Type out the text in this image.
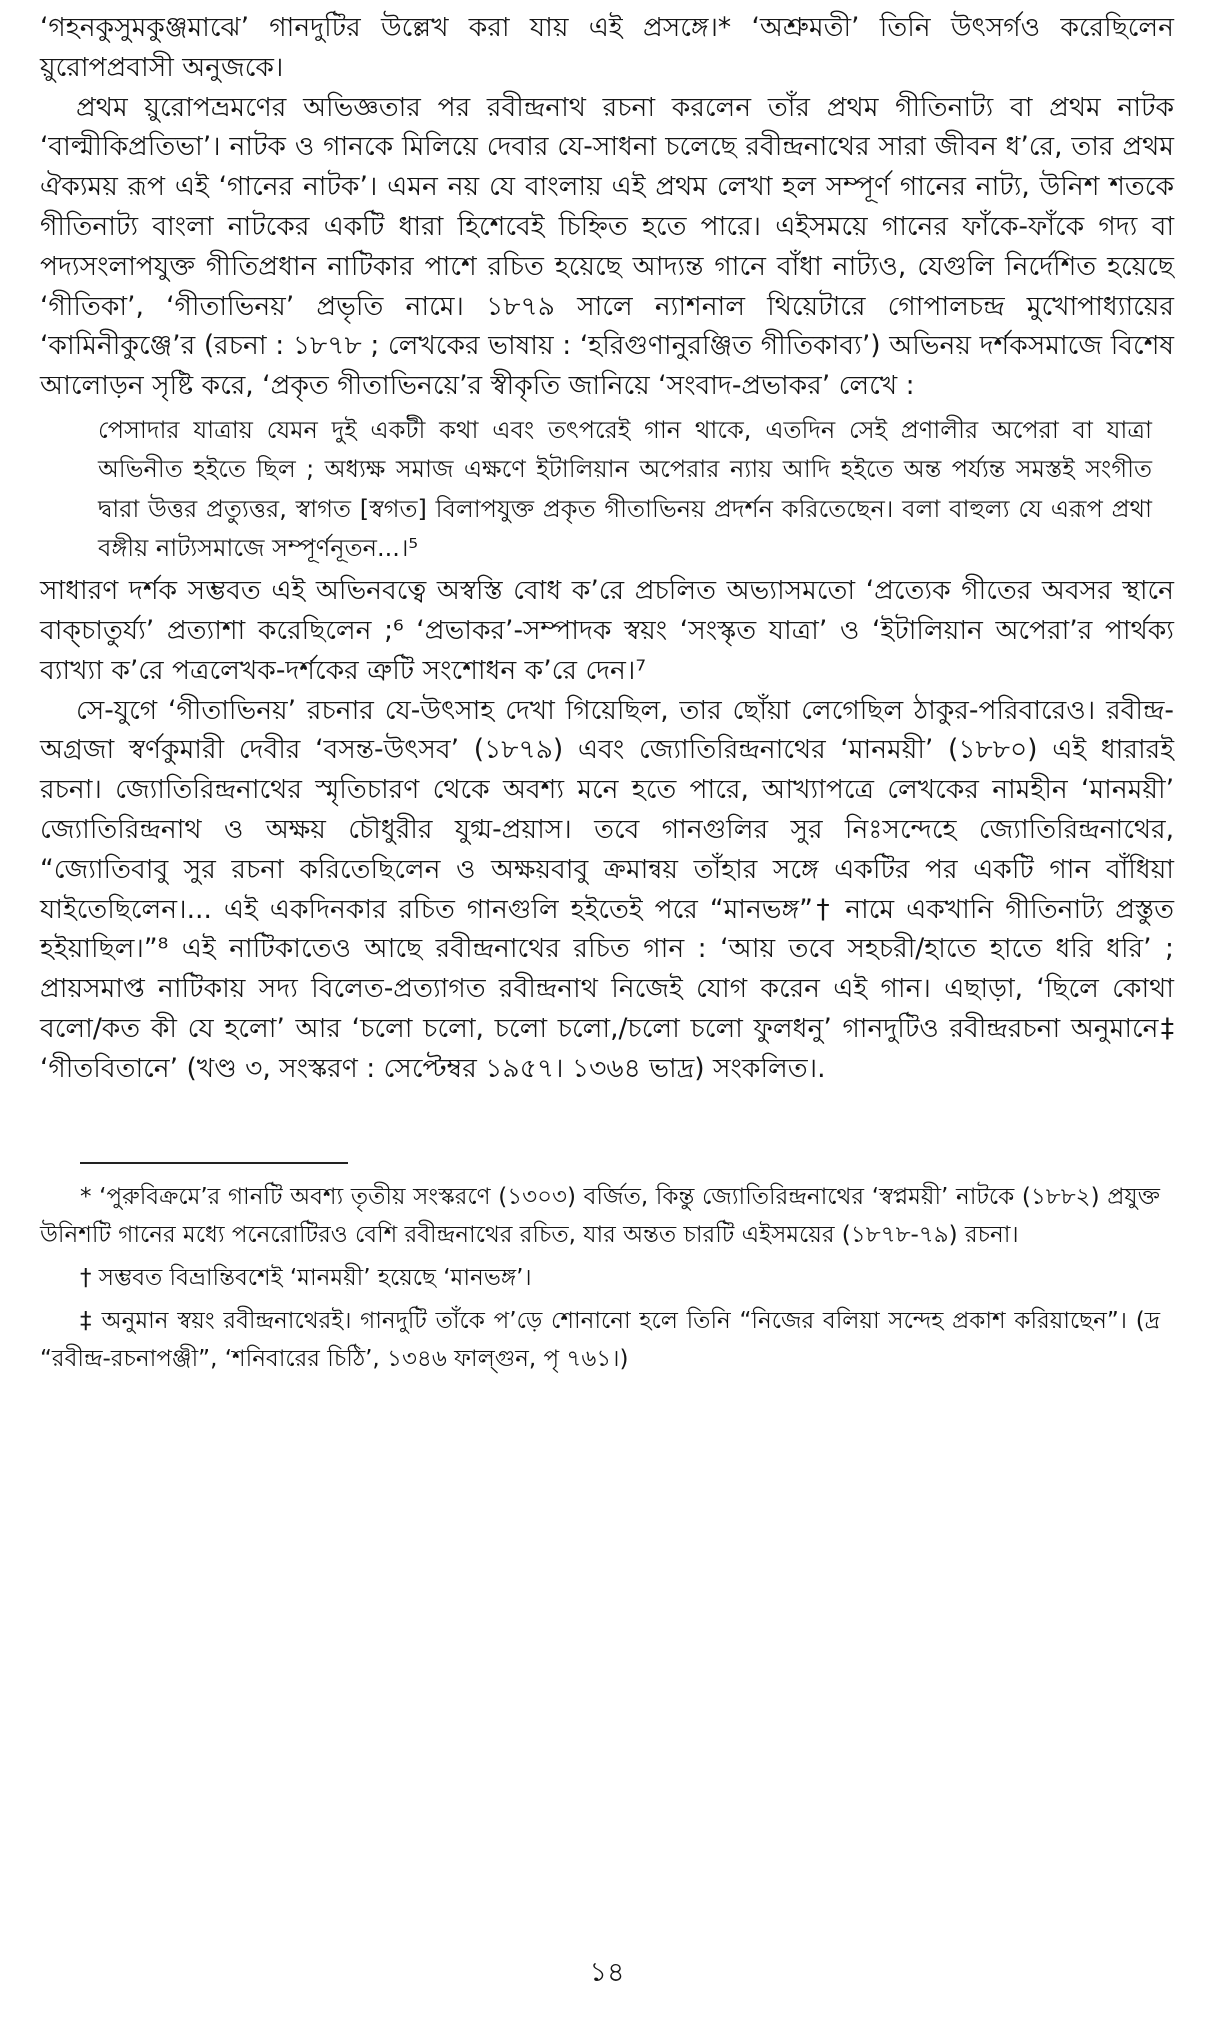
‘গহনকুসুমকুঞ্জমাঝে’ গানদুটির উল্লেখ করা যায় এই প্রসঙ্গে।* ‘অশ্রুমতী’ তিনি উৎসর্গও করেছিলেন য়ুরোপপ্রবাসী অনুজকে।

প্রথম য়ুরোপভ্রমণের অভিজ্ঞতার পর রবীন্দ্রনাথ রচনা করলেন তাঁর প্রথম গীতিনাট্য বা প্রথম নাটক ‘বাল্মীকিপ্রতিভা’। নাটক ও গানকে মিলিয়ে দেবার যে-সাধনা চলেছে রবীন্দ্রনাথের সারা জীবন ধ’রে, তার প্রথম ঐক্যময় রূপ এই ‘গানের নাটক’। এমন নয় যে বাংলায় এই প্রথম লেখা হল সম্পূর্ণ গানের নাট্য, উনিশ শতকে গীতিনাট্য বাংলা নাটকের একটি ধারা হিশেবেই চিহ্নিত হতে পারে। এইসময়ে গানের ফাঁকে-ফাঁকে গদ্য বা পদ্যসংলাপযুক্ত গীতিপ্রধান নাটিকার পাশে রচিত হয়েছে আদ্যন্ত গানে বাঁধা নাট্যও, যেগুলি নির্দেশিত হয়েছে ‘গীতিকা’, ‘গীতাভিনয়’ প্রভৃতি নামে। ১৮৭৯ সালে ন্যাশনাল থিয়েটারে গোপালচন্দ্র মুখোপাধ্যায়ের ‘কামিনীকুঞ্জে’র (রচনা : ১৮৭৮ ; লেখকের ভাষায় : ‘হরিগুণানুরঞ্জিত গীতিকাব্য’) অভিনয় দর্শকসমাজে বিশেষ আলোড়ন সৃষ্টি করে, ‘প্রকৃত গীতাভিনয়ে’র স্বীকৃতি জানিয়ে ‘সংবাদ-প্রভাকর’ লেখে :

পেসাদার যাত্রায় যেমন দুই একটী কথা এবং তৎপরেই গান থাকে, এতদিন সেই প্রণালীর অপেরা বা যাত্রা অভিনীত হইতে ছিল ; অধ্যক্ষ সমাজ এক্ষণে ইটালিয়ান অপেরার ন্যায় আদি হইতে অন্ত পর্য্যন্ত সমস্তই সংগীত দ্বারা উত্তর প্রত্যুত্তর, স্বাগত [স্বগত] বিলাপযুক্ত প্রকৃত গীতাভিনয় প্রদর্শন করিতেছেন। বলা বাহুল্য যে এরূপ প্রথা বঙ্গীয় নাট্যসমাজে সম্পূর্ণনূতন...।⁵

সাধারণ দর্শক সম্ভবত এই অভিনবত্বে অস্বস্তি বোধ ক’রে প্রচলিত অভ্যাসমতো ‘প্রত্যেক গীতের অবসর স্থানে বাক্‌চাতুর্য্য’ প্রত্যাশা করেছিলেন ;⁶ ‘প্রভাকর’-সম্পাদক স্বয়ং ‘সংস্কৃত যাত্রা’ ও ‘ইটালিয়ান অপেরা’র পার্থক্য ব্যাখ্যা ক’রে পত্রলেখক-দর্শকের ত্রুটি সংশোধন ক’রে দেন।⁷

সে-যুগে ‘গীতাভিনয়’ রচনার যে-উৎসাহ দেখা গিয়েছিল, তার ছোঁয়া লেগেছিল ঠাকুর-পরিবারেও। রবীন্দ্র-অগ্রজা স্বর্ণকুমারী দেবীর ‘বসন্ত-উৎসব’ (১৮৭৯) এবং জ্যোতিরিন্দ্রনাথের ‘মানময়ী’ (১৮৮০) এই ধারারই রচনা। জ্যোতিরিন্দ্রনাথের স্মৃতিচারণ থেকে অবশ্য মনে হতে পারে, আখ্যাপত্রে লেখকের নামহীন ‘মানময়ী’ জ্যোতিরিন্দ্রনাথ ও অক্ষয় চৌধুরীর যুগ্ম-প্রয়াস। তবে গানগুলির সুর নিঃসন্দেহে জ্যোতিরিন্দ্রনাথের, “জ্যোতিবাবু সুর রচনা করিতেছিলেন ও অক্ষয়বাবু ক্রমান্বয় তাঁহার সঙ্গে একটির পর একটি গান বাঁধিয়া যাইতেছিলেন।... এই একদিনকার রচিত গানগুলি হইতেই পরে “মানভঙ্গ”† নামে একখানি গীতিনাট্য প্রস্তুত হইয়াছিল।”⁸ এই নাটিকাতেও আছে রবীন্দ্রনাথের রচিত গান : ‘আয় তবে সহচরী/হাতে হাতে ধরি ধরি’ ; প্রায়সমাপ্ত নাটিকায় সদ্য বিলেত-প্রত্যাগত রবীন্দ্রনাথ নিজেই যোগ করেন এই গান। এছাড়া, ‘ছিলে কোথা বলো/কত কী যে হলো’ আর ‘চলো চলো, চলো চলো,/চলো চলো ফুলধনু’ গানদুটিও রবীন্দ্ররচনা অনুমানে‡ ‘গীতবিতানে’ (খণ্ড ৩, সংস্করণ : সেপ্টেম্বর ১৯৫৭। ১৩৬৪ ভাদ্র) সংকলিত।.

* ‘পুরুবিক্রমে’র গানটি অবশ্য তৃতীয় সংস্করণে (১৩০৩) বর্জিত, কিন্তু জ্যোতিরিন্দ্রনাথের ‘স্বপ্নময়ী’ নাটকে (১৮৮২) প্রযুক্ত উনিশটি গানের মধ্যে পনেরোটিরও বেশি রবীন্দ্রনাথের রচিত, যার অন্তত চারটি এইসময়ের (১৮৭৮-৭৯) রচনা।

† সম্ভবত বিভ্রান্তিবশেই ‘মানময়ী’ হয়েছে ‘মানভঙ্গ’।

‡ অনুমান স্বয়ং রবীন্দ্রনাথেরই। গানদুটি তাঁকে প’ড়ে শোনানো হলে তিনি “নিজের বলিয়া সন্দেহ প্রকাশ করিয়াছেন”। (দ্র “রবীন্দ্র-রচনাপঞ্জী”, ‘শনিবারের চিঠি’, ১৩৪৬ ফাল্গুন, পৃ ৭৬১।)

১৪
